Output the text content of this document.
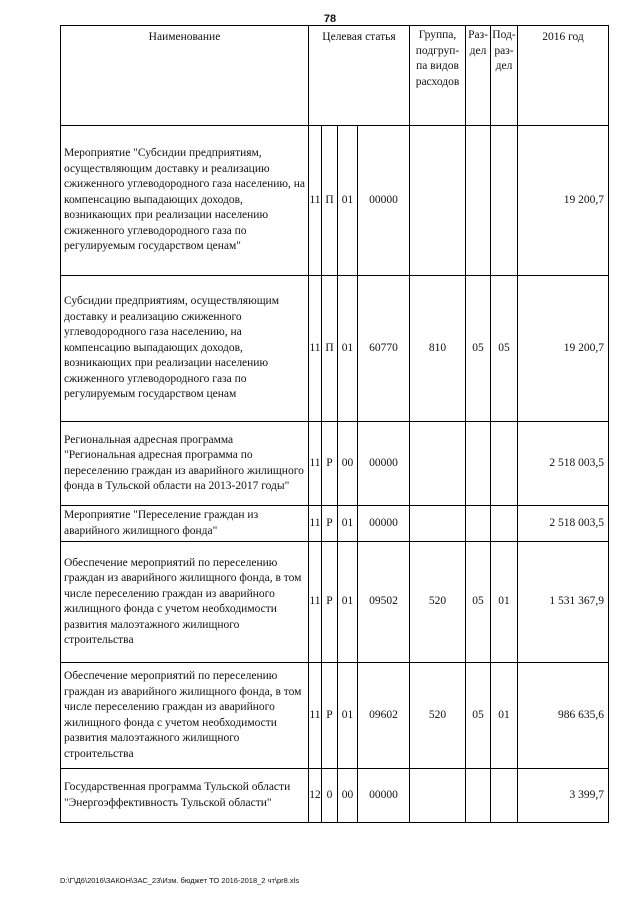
78
Наименование	Целевая статья				Группа,
подгруп-
па видов
расходов	Раз-
дел	Под-
раз-
дел	2016 год
Мероприятие "Субсидии предприятиям, осуществляющим доставку и реализацию сжиженного углеводородного газа населению, на компенсацию выпадающих доходов, возникающих при реализации населению сжиженного углеводородного газа по регулируемым государством ценам"	11	П	01	00000				19 200,7
Субсидии предприятиям, осуществляющим доставку и реализацию сжиженного углеводородного газа населению, на компенсацию выпадающих доходов, возникающих при реализации населению сжиженного углеводородного газа по регулируемым государством ценам	11	П	01	60770	810	05	05	19 200,7
Региональная адресная программа "Региональная адресная программа по переселению граждан из аварийного жилищного фонда в Тульской области на 2013-2017 годы"	11	Р	00	00000				2 518 003,5
Мероприятие "Переселение граждан из аварийного жилищного фонда"	11	Р	01	00000				2 518 003,5
Обеспечение мероприятий по переселению граждан из аварийного жилищного фонда, в том числе переселению граждан из аварийного жилищного фонда с учетом необходимости развития малоэтажного жилищного строительства	11	Р	01	09502	520	05	01	1 531 367,9
Обеспечение мероприятий по переселению граждан из аварийного жилищного фонда, в том числе переселению граждан из аварийного жилищного фонда с учетом необходимости развития малоэтажного жилищного строительства	11	Р	01	09602	520	05	01	986 635,6
Государственная программа Тульской области "Энергоэффективность Тульской области"	12	0	00	00000				3 399,7
D:\Г\Д6\2016\ЗАКОН\ЗАС_23\Изм. бюджет ТО 2016-2018_2 чт\pr8.xls
